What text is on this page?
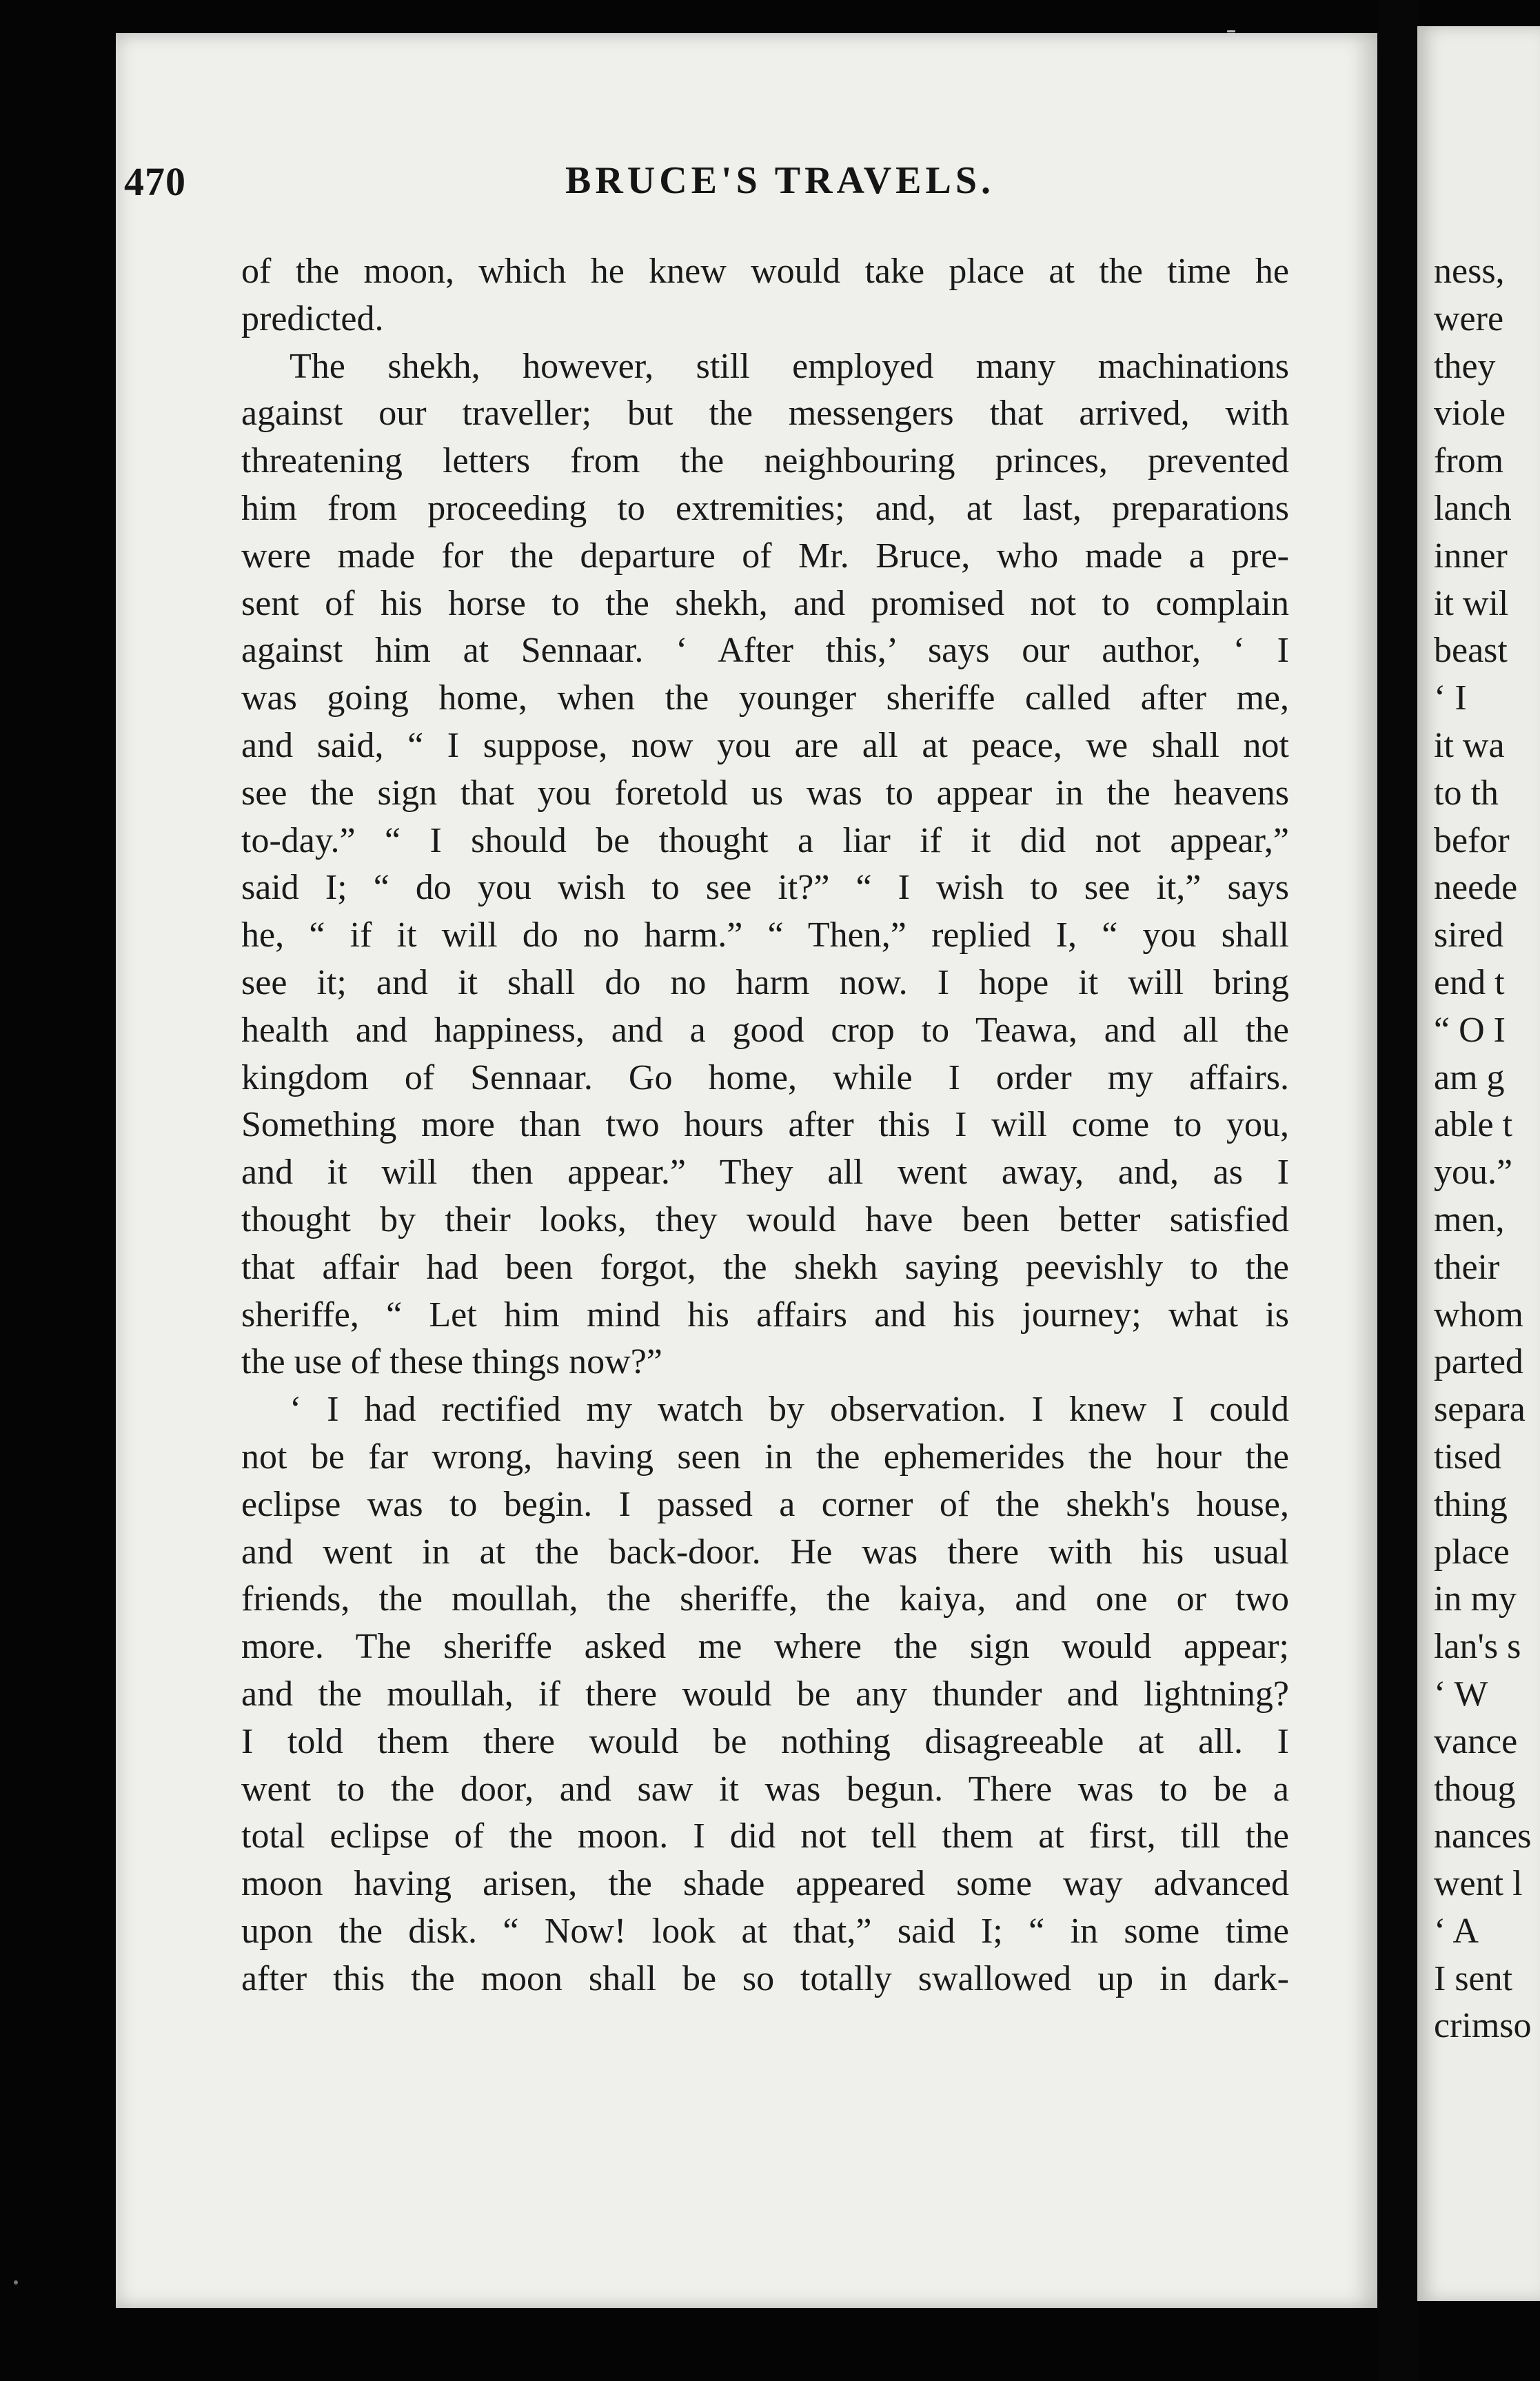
470	BRUCE'S TRAVELS.
of the moon, which he knew would take place at the time he
predicted.
The shekh, however, still employed many machinations
against our traveller; but the messengers that arrived, with
threatening letters from the neighbouring princes, prevented
him from proceeding to extremities; and, at last, preparations
were made for the departure of Mr. Bruce, who made a pre-
sent of his horse to the shekh, and promised not to complain
against him at Sennaar. ‘ After this,’ says our author, ‘ I
was going home, when the younger sheriffe called after me,
and said, “ I suppose, now you are all at peace, we shall not
see the sign that you foretold us was to appear in the heavens
to-day.” “ I should be thought a liar if it did not appear,”
said I; “ do you wish to see it?” “ I wish to see it,” says
he, “ if it will do no harm.” “ Then,” replied I, “ you shall
see it; and it shall do no harm now. I hope it will bring
health and happiness, and a good crop to Teawa, and all the
kingdom of Sennaar. Go home, while I order my affairs.
Something more than two hours after this I will come to you,
and it will then appear.” They all went away, and, as I
thought by their looks, they would have been better satisfied
that affair had been forgot, the shekh saying peevishly to the
sheriffe, “ Let him mind his affairs and his journey; what is
the use of these things now?”
‘ I had rectified my watch by observation. I knew I could
not be far wrong, having seen in the ephemerides the hour the
eclipse was to begin. I passed a corner of the shekh's house,
and went in at the back-door. He was there with his usual
friends, the moullah, the sheriffe, the kaiya, and one or two
more. The sheriffe asked me where the sign would appear;
and the moullah, if there would be any thunder and lightning?
I told them there would be nothing disagreeable at all. I
went to the door, and saw it was begun. There was to be a
total eclipse of the moon. I did not tell them at first, till the
moon having arisen, the shade appeared some way advanced
upon the disk. “ Now! look at that,” said I; “ in some time
after this the moon shall be so totally swallowed up in dark-
ness,
were
they
viole
from
lanch
inner
it wil
beast
‘ I
it wa
to th
befor
neede
sired
end t
“ O I
am g
able t
you.”
men,
their
whom
parted
separa
tised
thing
place
in my
lan's s
‘ W
vance
thoug
nances
went l
‘ A
I sent
crimso
